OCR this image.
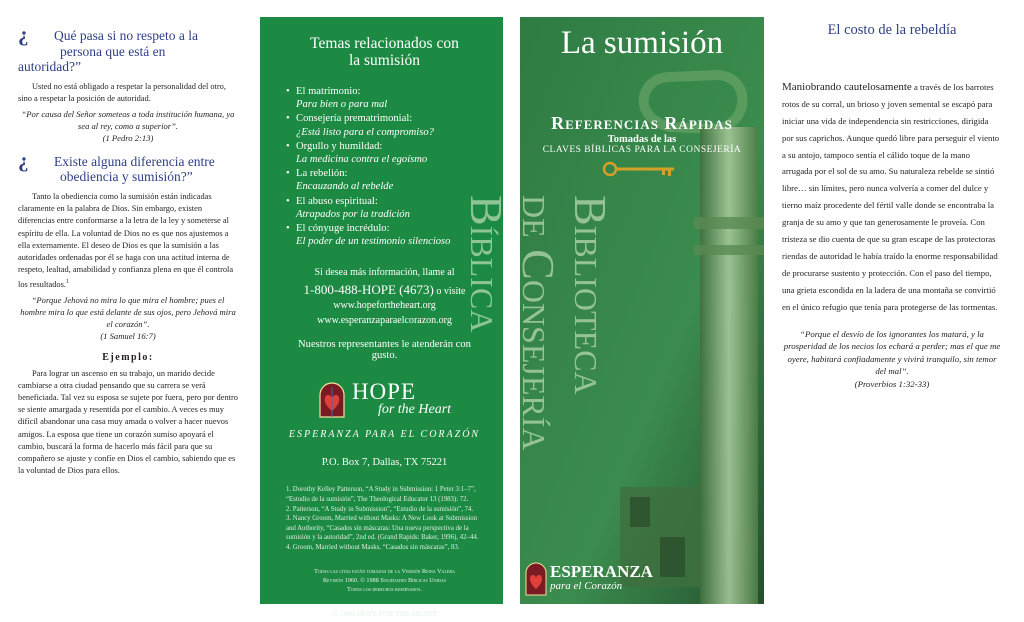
¿	Qué pasa si no respeto a la
persona que está en
autoridad?”

Usted no está obligado a respetar la personalidad del otro, sino a respetar la posición de autoridad.

“Por causa del Señor someteos a toda institución humana, ya sea al rey, como a superior”.
(1 Pedro 2:13)
¿	Existe alguna diferencia entre
obediencia y sumisión?”

Tanto la obediencia como la sumisión están indicadas claramente en la palabra de Dios. Sin embargo, existen diferencias entre conformarse a la letra de la ley y someterse al espíritu de ella. La voluntad de Dios no es que nos ajustemos a ella externamente. El deseo de Dios es que la sumisión a las autoridades ordenadas por él se haga con una actitud interna de respeto, lealtad, amabilidad y confianza plena en que él controla los resultados.$^1$

“Porque Jehová no mira lo que mira el hombre; pues el hombre mira lo que está delante de sus ojos, pero Jehová mira el corazón”.
(1 Samuel 16:7)
Ejemplo:

Para lograr un ascenso en su trabajo, un marido decide cambiarse a otra ciudad pensando que su carrera se verá beneficiada. Tal vez su esposa se sujete por fuera, pero por dentro se siente amargada y resentida por el cambio. A veces es muy difícil abandonar una casa muy amada o volver a hacer nuevos amigos. La esposa que tiene un corazón sumiso apoyará el cambio, buscará la forma de hacerlo más fácil para que su compañero se ajuste y confíe en Dios el cambio, sabiendo que es la voluntad de Dios para ellos.

Temas relacionados con
la sumisión
• El matrimonio:
Para bien o para mal
• Consejería prematrimonial:
¿Está listo para el compromiso?
• Orgullo y humildad:
La medicina contra el egoísmo
• La rebelión:
Encauzando al rebelde
• El abuso espiritual:
Atrapados por la tradición
• El cónyuge incrédulo:
El poder de un testimonio silencioso
Si desea más información, llame al
1-800-488-HOPE (4673) o visite
www.hopefortheheart.org
www.esperanzaparaelcorazon.org
Nuestros representantes le atenderán con gusto.
HOPE
for the Heart
ESPERANZA PARA EL CORAZÓN
P.O. Box 7, Dallas, TX 75221

1. Dorothy Kelley Patterson, “A Study in Submission: 1 Peter 3:1–7”, “Estudio de la sumisión”, The Theological Educator 13 (1983): 72.

2. Patterson, “A Study in Submission”, “Estudio de la sumisión”, 74.

3. Nancy Groom, Married without Masks: A New Look at Submission and Authority, “Casados sin máscaras: Una nueva perspectiva de la sumisión y la autoridad”, 2nd ed. (Grand Rapids: Baker, 1996), 42–44.

4. Groom, Married without Masks, “Casados sin máscaras”, 83.

Todas las citas están tomadas de la Versión Reina Valera
Revisión 1960. © 1988 Sociedades Bíblicas Unidas
Todos los derechos reservados.
© 2006 HOPE FOR THE HEART
La sumisión
Referencias Rápidas
Tomadas de las
CLAVES BÍBLICAS PARA LA CONSEJERÍA
Biblioteca
de Consejería
Bíblica
ESPERANZA
para el Corazón
El costo de la rebeldía

Maniobrando cautelosamente a través de los barrotes rotos de su corral, un brioso y joven semental se escapó para iniciar una vida de independencia sin restricciones, dirigida por sus caprichos. Aunque quedó libre para perseguir el viento a su antojo, tampoco sentía el cálido toque de la mano arrugada por el sol de su amo. Su naturaleza rebelde se sintió libre… sin límites, pero nunca volvería a comer del dulce y tierno maíz procedente del fértil valle donde se encontraba la granja de su amo y que tan generosamente le proveía. Con tristeza se dio cuenta de que su gran escape de las protectoras riendas de autoridad le había traído la enorme responsabilidad de procurarse sustento y protección. Con el paso del tiempo, una grieta escondida en la ladera de una montaña se convirtió en el único refugio que tenía para protegerse de las tormentas.

“Porque el desvío de los ignorantes los matará, y la prosperidad de los necios los echará a perder; mas el que me oyere, habitará confiadamente y vivirá tranquilo, sin temor del mal”.
(Proverbios 1:32-33)
